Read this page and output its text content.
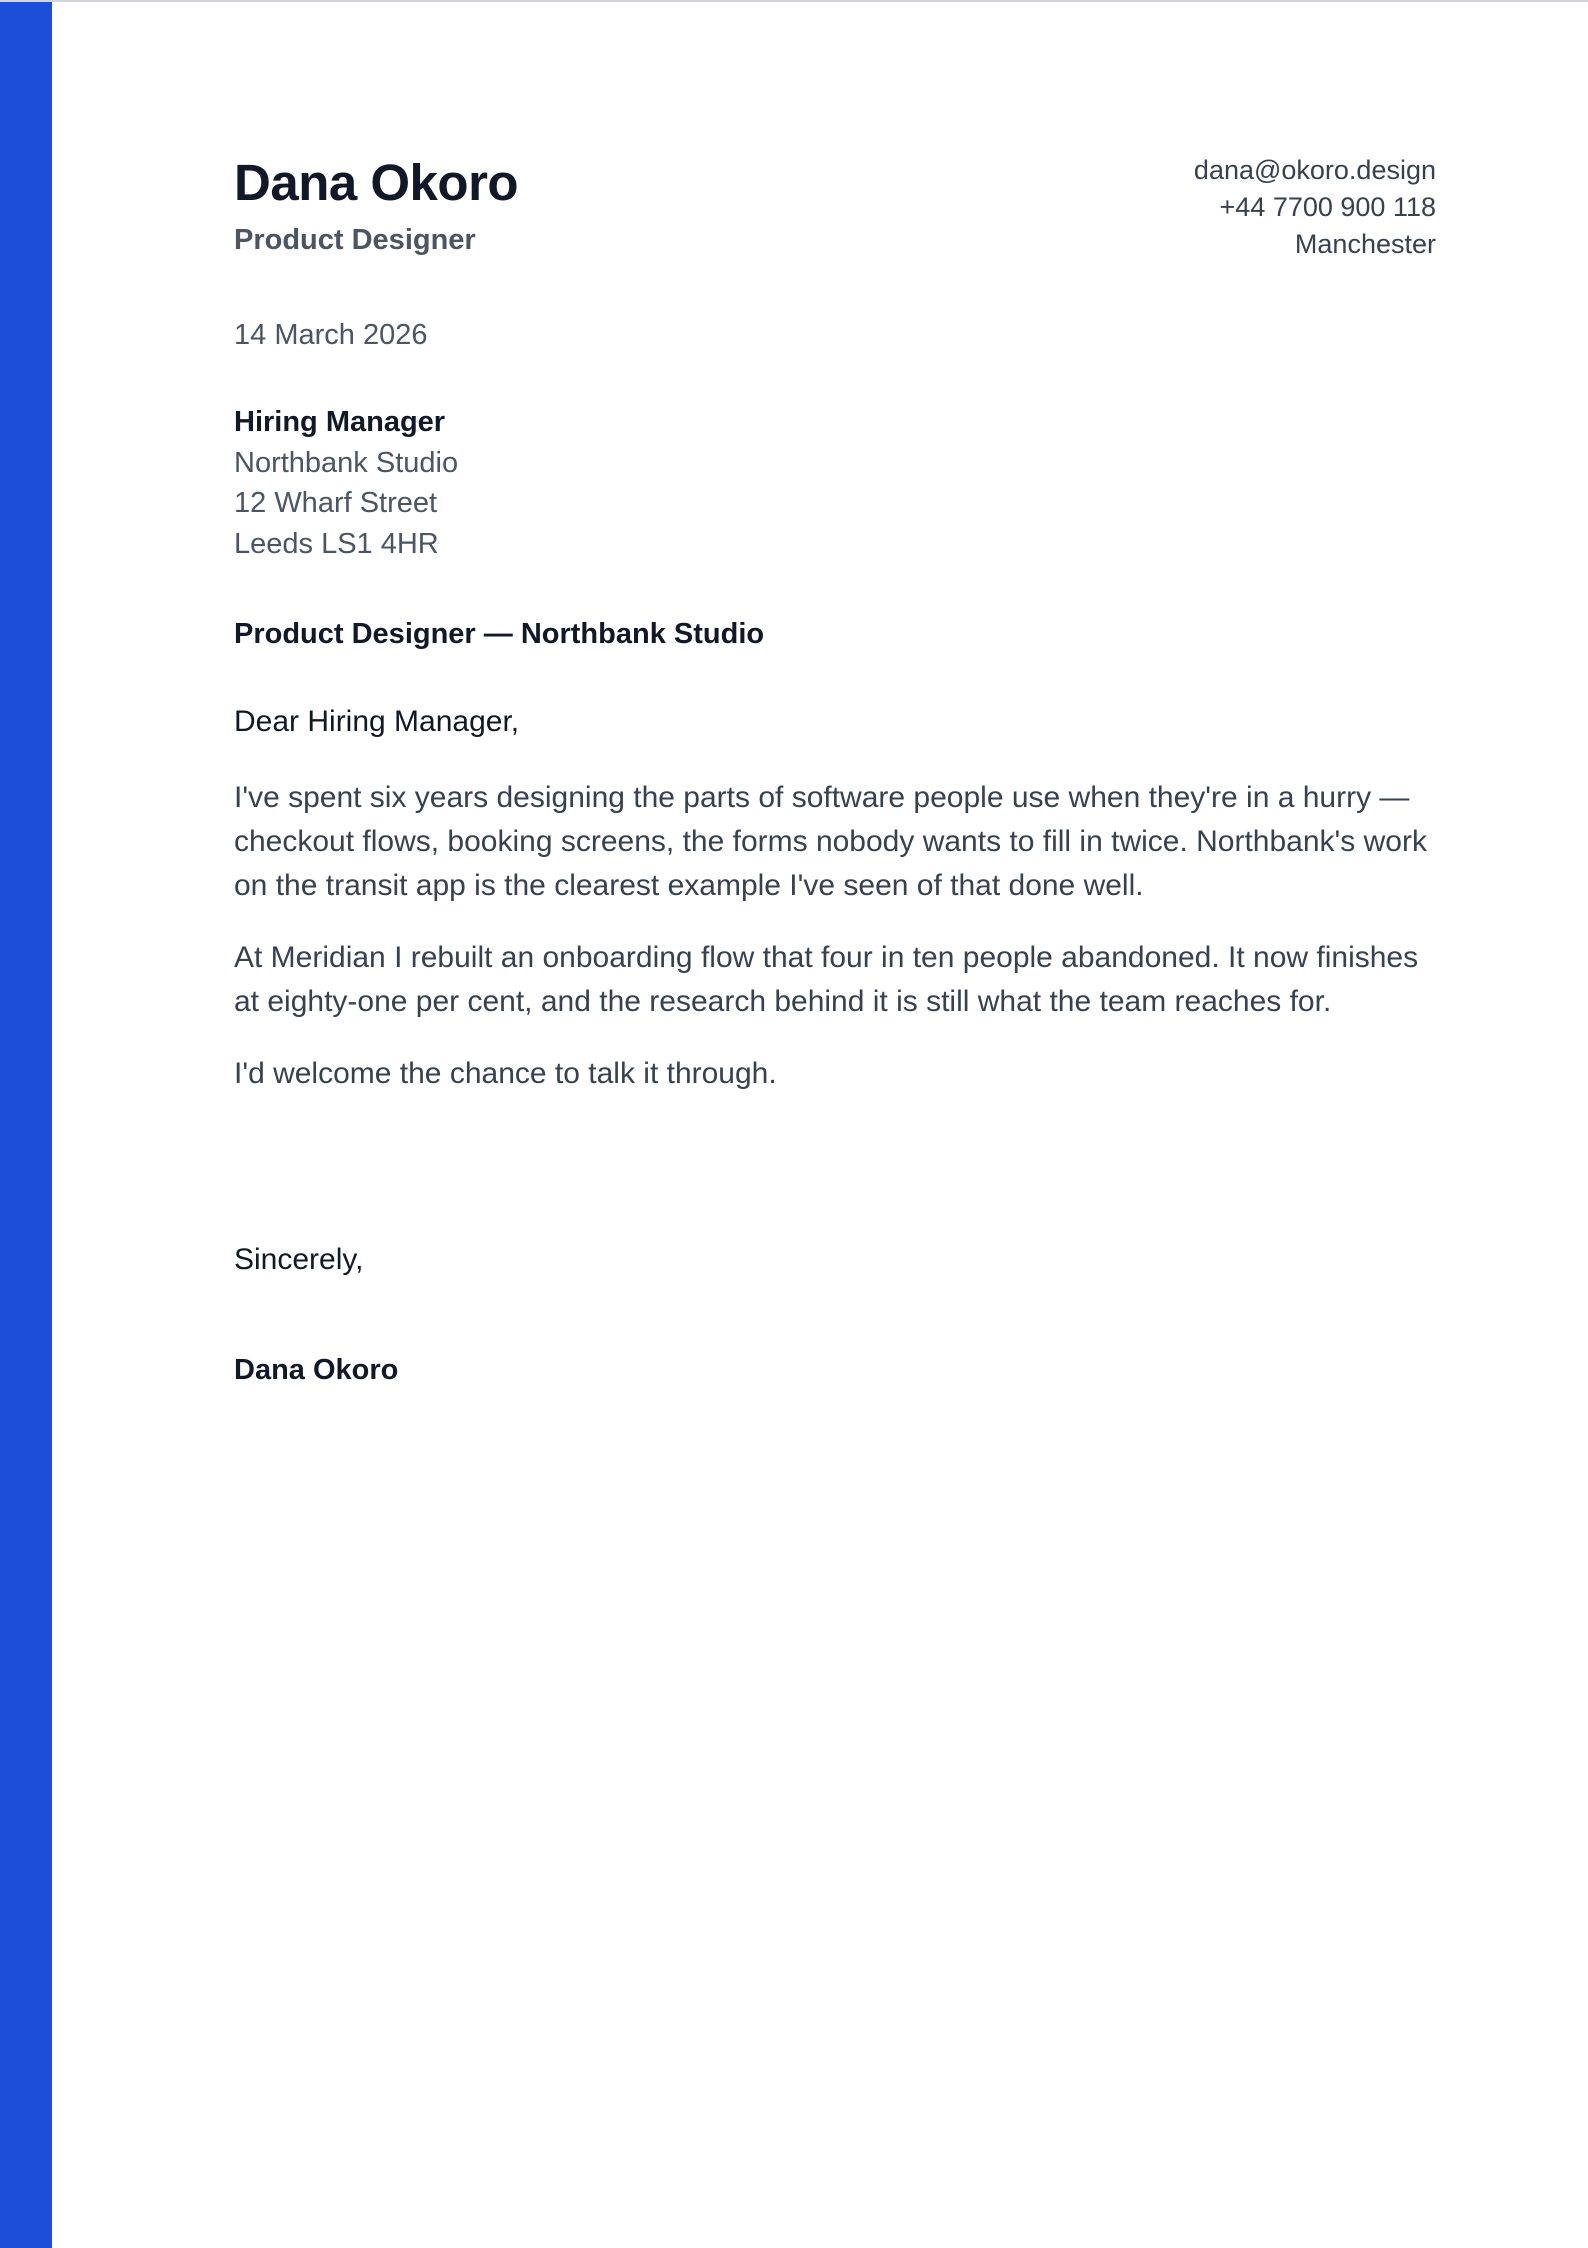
Dana Okoro
Product Designer
dana@okoro.design
+44 7700 900 118
Manchester
14 March 2026
Hiring Manager
Northbank Studio
12 Wharf Street
Leeds LS1 4HR
Product Designer — Northbank Studio
Dear Hiring Manager,

I've spent six years designing the parts of software people use when they're in a hurry — checkout flows, booking screens, the forms nobody wants to fill in twice. Northbank's work on the transit app is the clearest example I've seen of that done well.

At Meridian I rebuilt an onboarding flow that four in ten people abandoned. It now finishes at eighty-one per cent, and the research behind it is still what the team reaches for.

I'd welcome the chance to talk it through.

Sincerely,
Dana Okoro
